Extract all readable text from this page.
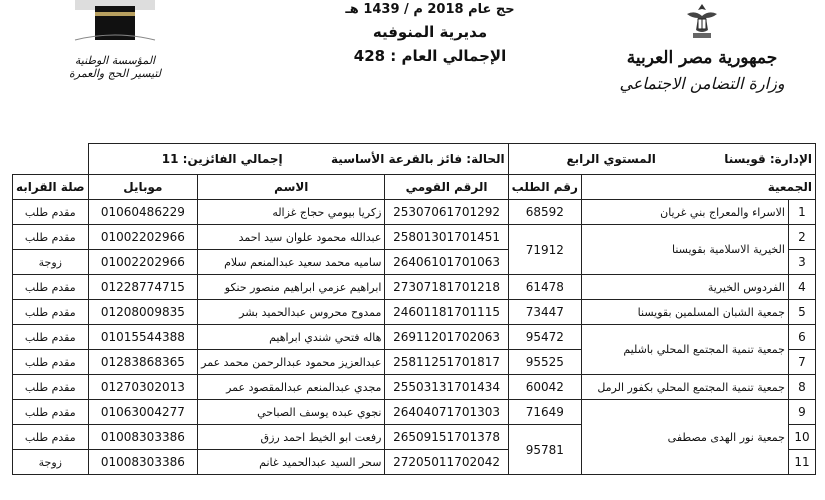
جمهورية مصر العربية
وزارة التضامن الاجتماعي
حج عام 2018 م / 1439 هـ
مديرية المنوفيه
الإجمالي العام : 428
المؤسسة الوطنية لتيسير الحج والعمرة
الإدارة: قويسنا  المستوي الرابع			الحالة: فائز بالقرعة الأساسية  إجمالي الفائزين: 11			
الجمعية		رقم الطلب	الرقم القومي	الاسم	موبايل	صلة القرابه
1	الاسراء والمعراج بني غريان	68592	25307061701292	زكريا بيومي حجاج غزاله	01060486229	مقدم طلب
2	الخيرية الاسلامية بقويسنا	71912	25801301701451	عبدالله محمود علوان سيد احمد	01002202966	مقدم طلب
3			26406101701063	ساميه محمد سعيد عبدالمنعم سلام	01002202966	زوجة
4	الفردوس الخيرية	61478	27307181701218	ابراهيم عزمي ابراهيم منصور حنكو	01228774715	مقدم طلب
5	جمعية الشبان المسلمين بقويسنا	73447	24601181701115	ممدوح محروس عبدالحميد بشر	01208009835	مقدم طلب
6	جمعية تنمية المجتمع المحلي باشليم	95472	26911201702063	هاله فتحي شندي ابراهيم	01015544388	مقدم طلب
7		95525	25811251701817	عبدالعزيز محمود عبدالرحمن محمد عمر	01283868365	مقدم طلب
8	جمعية تنمية المجتمع المحلي بكفور الرمل	60042	25503131701434	مجدي عبدالمنعم عبدالمقصود عمر	01270302013	مقدم طلب
9	جمعية نور الهدى مصطفى	71649	26404071701303	نجوي عبده يوسف الصباحي	01063004277	مقدم طلب
10		95781	26509151701378	رفعت ابو الخيط احمد رزق	01008303386	مقدم طلب
11			27205011702042	سحر السيد عبدالحميد غانم	01008303386	زوجة
